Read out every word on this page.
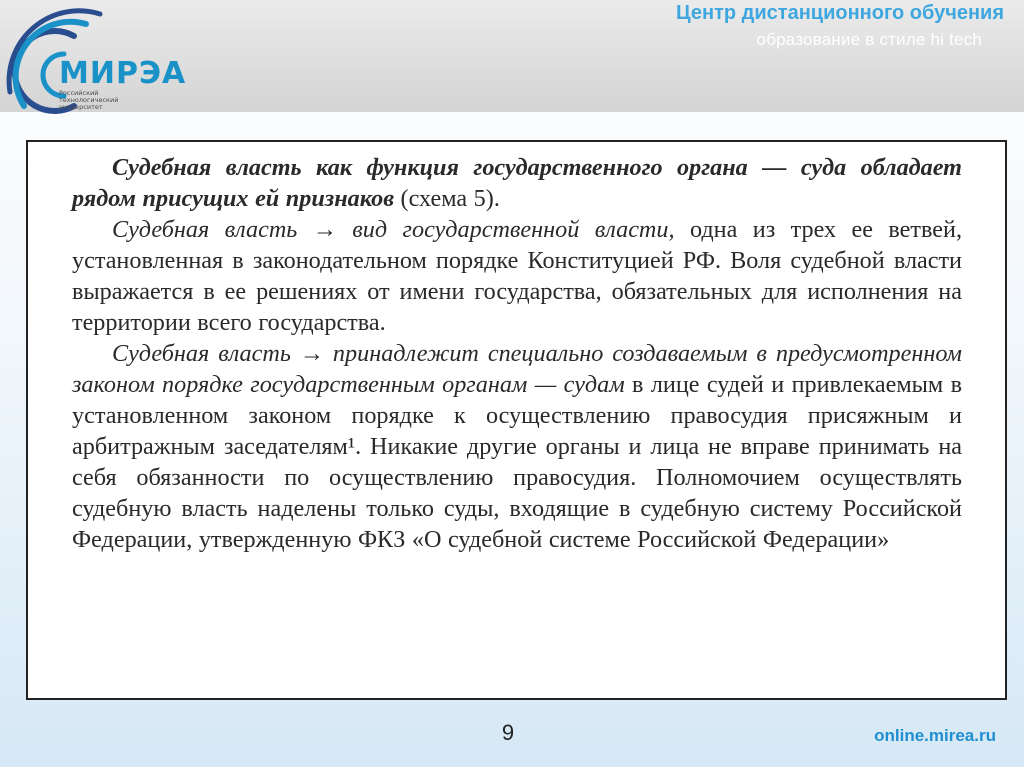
МИРЭА
Российский технологический университет
Центр дистанционного обучения
образование в стиле hi tech

Судебная власть как функция государственного органа — суда обладает рядом присущих ей признаков (схема 5).

Судебная власть → вид государственной власти, одна из трех ее ветвей, установленная в законодательном порядке Конституцией РФ. Воля судебной власти выражается в ее решениях от имени государства, обязательных для исполнения на территории всего государства.

Судебная власть → принадлежит специально создаваемым в предусмотренном законом порядке государственным органам — судам в лице судей и привлекаемым в установленном законом порядке к осуществлению правосудия присяжным и арбитражным заседателям¹. Никакие другие органы и лица не вправе принимать на себя обязанности по осуществлению правосудия. Полномочием осуществлять судебную власть наделены только суды, входящие в судебную систему Российской Федерации, утвержденную ФКЗ «О судебной системе Российской Федерации»

9	online.mirea.ru
